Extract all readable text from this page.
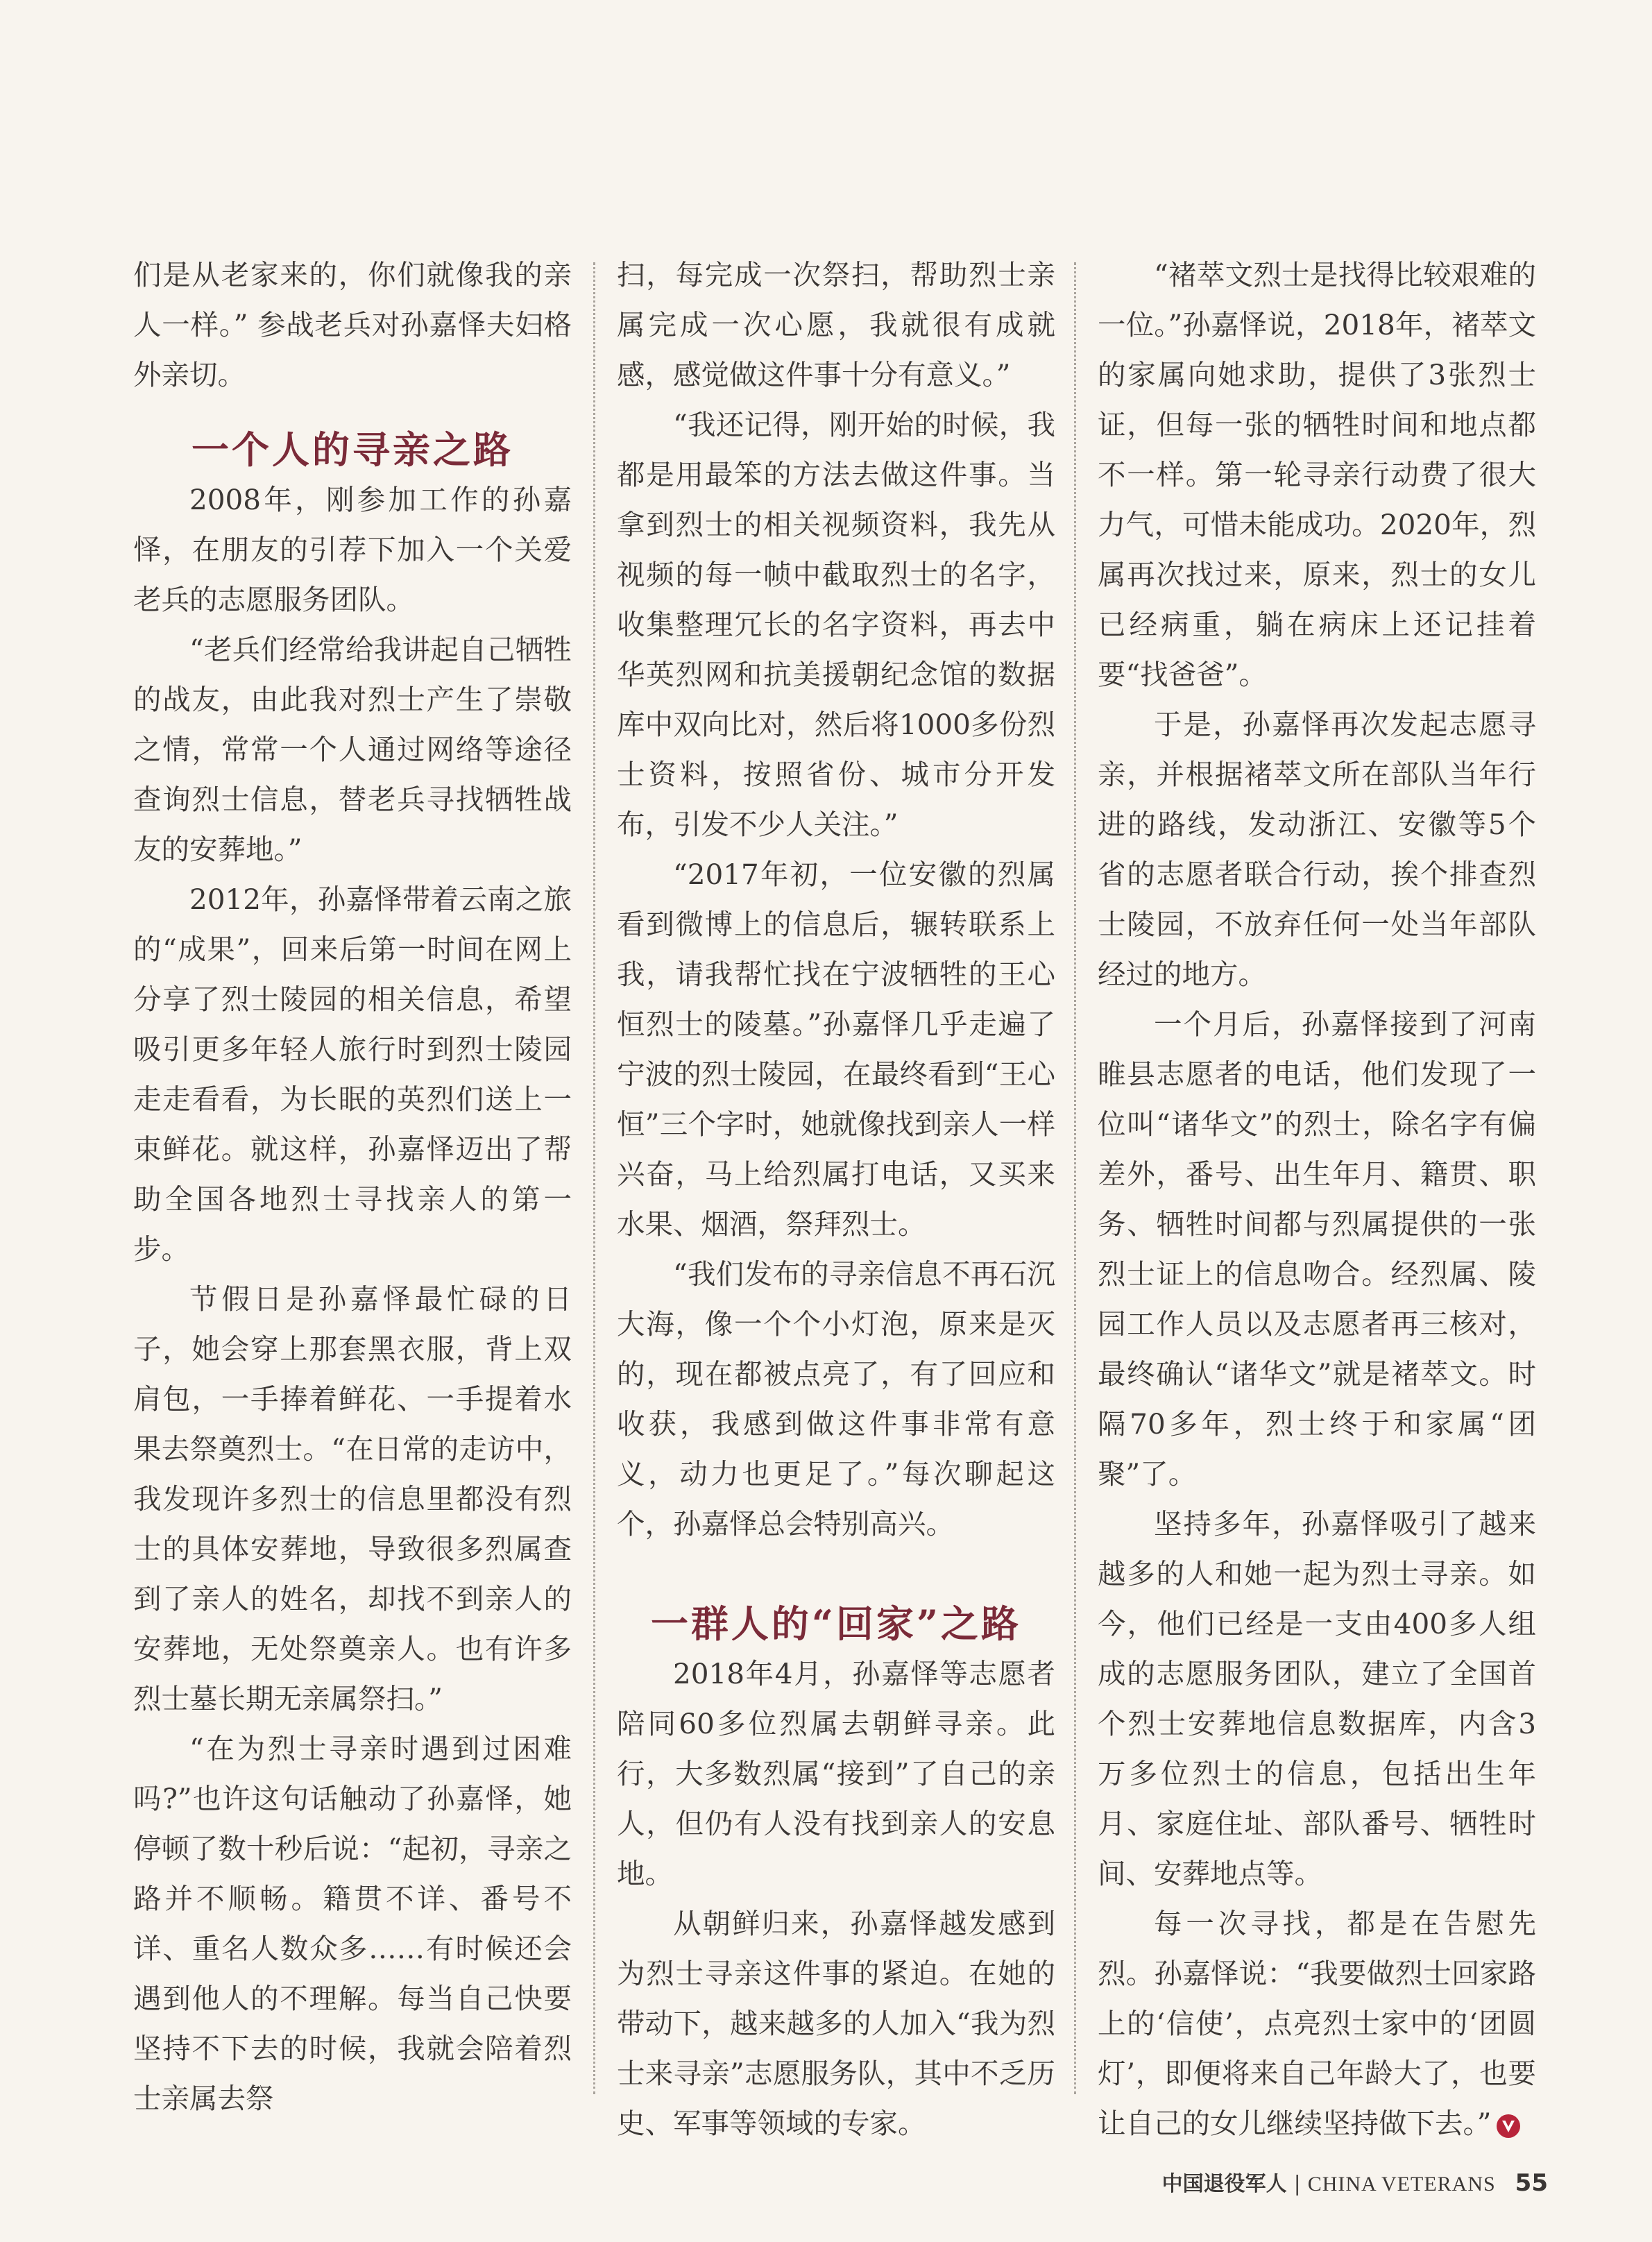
们是从老家来的，你们就像我的亲人一样。” 参战老兵对孙嘉怿夫妇格外亲切。

一个人的寻亲之路

2008年，刚参加工作的孙嘉怿，在朋友的引荐下加入一个关爱老兵的志愿服务团队。

“老兵们经常给我讲起自己牺牲的战友，由此我对烈士产生了崇敬之情，常常一个人通过网络等途径查询烈士信息，替老兵寻找牺牲战友的安葬地。”

2012年，孙嘉怿带着云南之旅的“成果”，回来后第一时间在网上分享了烈士陵园的相关信息，希望吸引更多年轻人旅行时到烈士陵园走走看看，为长眠的英烈们送上一束鲜花。就这样，孙嘉怿迈出了帮助全国各地烈士寻找亲人的第一步。

节假日是孙嘉怿最忙碌的日子，她会穿上那套黑衣服，背上双肩包，一手捧着鲜花、一手提着水果去祭奠烈士。“在日常的走访中，我发现许多烈士的信息里都没有烈士的具体安葬地，导致很多烈属查到了亲人的姓名，却找不到亲人的安葬地，无处祭奠亲人。也有许多烈士墓长期无亲属祭扫。”

“在为烈士寻亲时遇到过困难吗?”也许这句话触动了孙嘉怿，她停顿了数十秒后说：“起初，寻亲之路并不顺畅。籍贯不详、番号不详、重名人数众多……有时候还会遇到他人的不理解。每当自己快要坚持不下去的时候，我就会陪着烈士亲属去祭

扫，每完成一次祭扫，帮助烈士亲属完成一次心愿，我就很有成就感，感觉做这件事十分有意义。”

“我还记得，刚开始的时候，我都是用最笨的方法去做这件事。当拿到烈士的相关视频资料，我先从视频的每一帧中截取烈士的名字，收集整理冗长的名字资料，再去中华英烈网和抗美援朝纪念馆的数据库中双向比对，然后将1000多份烈士资料，按照省份、城市分开发布，引发不少人关注。”

“2017年初，一位安徽的烈属看到微博上的信息后，辗转联系上我，请我帮忙找在宁波牺牲的王心恒烈士的陵墓。”孙嘉怿几乎走遍了宁波的烈士陵园，在最终看到“王心恒”三个字时，她就像找到亲人一样兴奋，马上给烈属打电话，又买来水果、烟酒，祭拜烈士。

“我们发布的寻亲信息不再石沉大海，像一个个小灯泡，原来是灭的，现在都被点亮了，有了回应和收获，我感到做这件事非常有意义，动力也更足了。”每次聊起这个，孙嘉怿总会特别高兴。

一群人的“回家”之路

2018年4月，孙嘉怿等志愿者陪同60多位烈属去朝鲜寻亲。此行，大多数烈属“接到”了自己的亲人，但仍有人没有找到亲人的安息地。

从朝鲜归来，孙嘉怿越发感到为烈士寻亲这件事的紧迫。在她的带动下，越来越多的人加入“我为烈士来寻亲”志愿服务队，其中不乏历史、军事等领域的专家。

“褚萃文烈士是找得比较艰难的一位。”孙嘉怿说，2018年，褚萃文的家属向她求助，提供了3张烈士证，但每一张的牺牲时间和地点都不一样。第一轮寻亲行动费了很大力气，可惜未能成功。2020年，烈属再次找过来，原来，烈士的女儿已经病重，躺在病床上还记挂着要“找爸爸”。

于是，孙嘉怿再次发起志愿寻亲，并根据褚萃文所在部队当年行进的路线，发动浙江、安徽等5个省的志愿者联合行动，挨个排查烈士陵园，不放弃任何一处当年部队经过的地方。

一个月后，孙嘉怿接到了河南睢县志愿者的电话，他们发现了一位叫“诸华文”的烈士，除名字有偏差外，番号、出生年月、籍贯、职务、牺牲时间都与烈属提供的一张烈士证上的信息吻合。经烈属、陵园工作人员以及志愿者再三核对，最终确认“诸华文”就是褚萃文。时隔70多年，烈士终于和家属“团聚”了。

坚持多年，孙嘉怿吸引了越来越多的人和她一起为烈士寻亲。如今，他们已经是一支由400多人组成的志愿服务团队，建立了全国首个烈士安葬地信息数据库，内含3万多位烈士的信息，包括出生年月、家庭住址、部队番号、牺牲时间、安葬地点等。

每一次寻找，都是在告慰先烈。孙嘉怿说：“我要做烈士回家路上的‘信使’，点亮烈士家中的‘团圆灯’，即便将来自己年龄大了，也要让自己的女儿继续坚持做下去。”

中国退役军人 | CHINA VETERANS 55
